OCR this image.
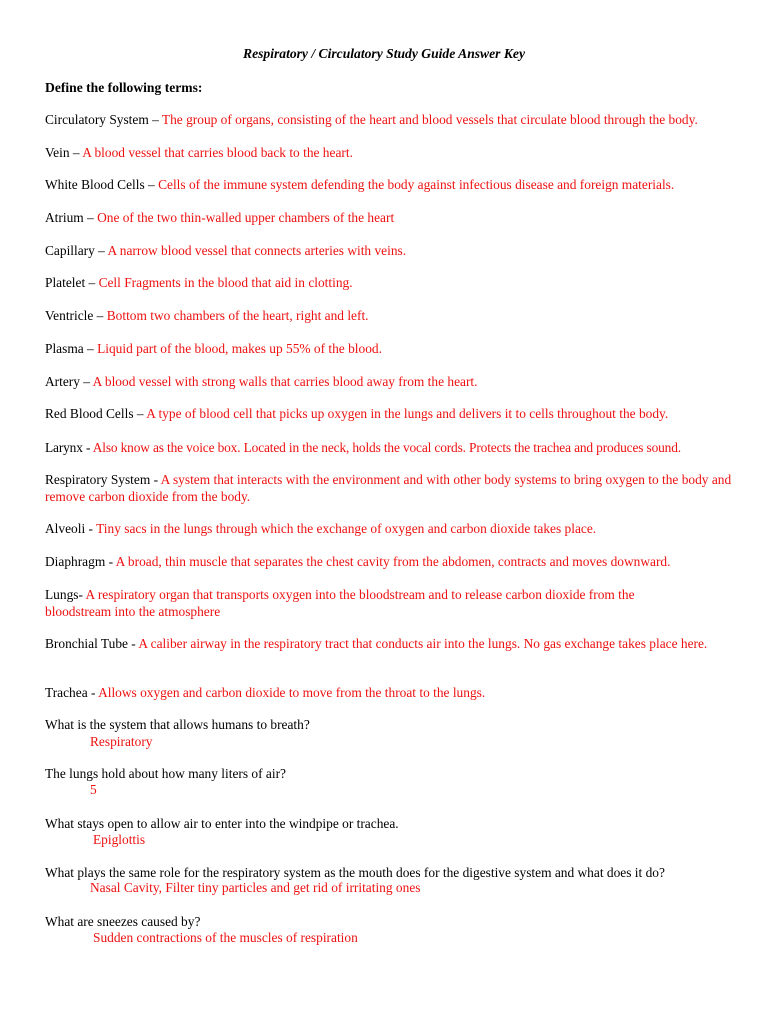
Respiratory / Circulatory Study Guide Answer Key
Define the following terms:
Circulatory System – The group of organs, consisting of the heart and blood vessels that circulate blood through the body.
Vein – A blood vessel that carries blood back to the heart.
White Blood Cells – Cells of the immune system defending the body against infectious disease and foreign materials.
Atrium – One of the two thin-walled upper chambers of the heart
Capillary – A narrow blood vessel that connects arteries with veins.
Platelet – Cell Fragments in the blood that aid in clotting.
Ventricle – Bottom two chambers of the heart, right and left.
Plasma – Liquid part of the blood, makes up 55% of the blood.
Artery – A blood vessel with strong walls that carries blood away from the heart.
Red Blood Cells – A type of blood cell that picks up oxygen in the lungs and delivers it to cells throughout the body.
Larynx - Also know as the voice box. Located in the neck, holds the vocal cords. Protects the trachea and produces sound.
Respiratory System - A system that interacts with the environment and with other body systems to bring oxygen to the body and remove carbon dioxide from the body.
Alveoli - Tiny sacs in the lungs through which the exchange of oxygen and carbon dioxide takes place.
Diaphragm - A broad, thin muscle that separates the chest cavity from the abdomen, contracts and moves downward.
Lungs- A respiratory organ that transports oxygen into the bloodstream and to release carbon dioxide from the bloodstream into the atmosphere
Bronchial Tube - A caliber airway in the respiratory tract that conducts air into the lungs. No gas exchange takes place here.
Trachea - Allows oxygen and carbon dioxide to move from the throat to the lungs.
What is the system that allows humans to breath?
Respiratory
The lungs hold about how many liters of air?
5
What stays open to allow air to enter into the windpipe or trachea.
Epiglottis
What plays the same role for the respiratory system as the mouth does for the digestive system and what does it do?
Nasal Cavity, Filter tiny particles and get rid of irritating ones
What are sneezes caused by?
Sudden contractions of the muscles of respiration
